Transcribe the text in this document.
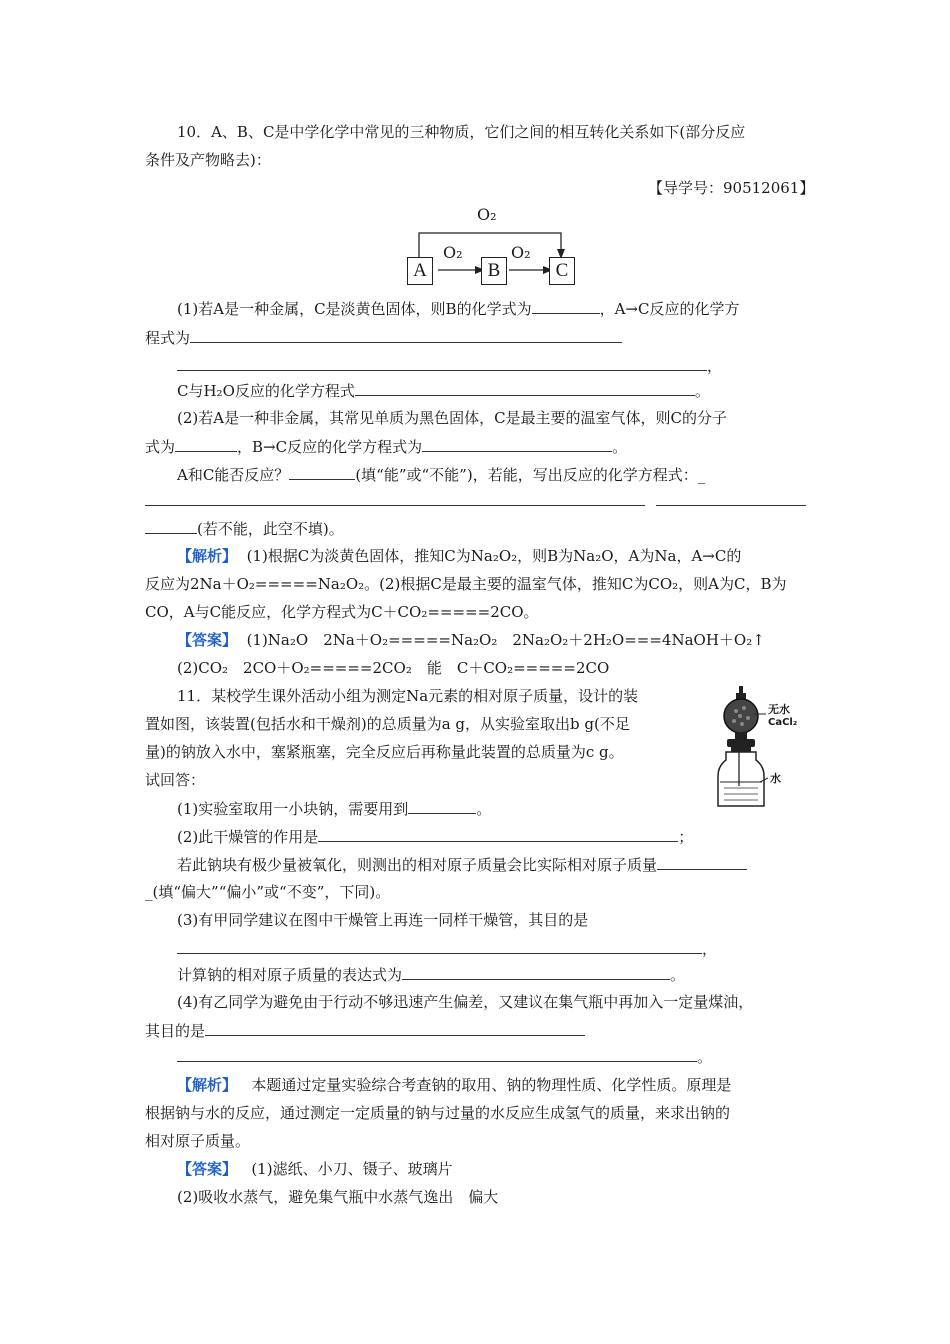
10．A、B、C是中学化学中常见的三种物质，它们之间的相互转化关系如下(部分反应
条件及产物略去)：
【导学号：90512061】
O₂
O₂	O₂
A	B	C
(1)若A是一种金属，C是淡黄色固体，则B的化学式为	，A→C反应的化学方
程式为
，
C与H₂O反应的化学方程式	。
(2)若A是一种非金属，其常见单质为黑色固体，C是最主要的温室气体，则C的分子
式为	，B→C反应的化学方程式为	。
A和C能否反应？	(填“能”或“不能”)，若能，写出反应的化学方程式：_
(若不能，此空不填)。
【解析】 (1)根据C为淡黄色固体，推知C为Na₂O₂，则B为Na₂O，A为Na，A→C的
反应为2Na＋O₂=====Na₂O₂。(2)根据C是最主要的温室气体，推知C为CO₂，则A为C，B为
CO，A与C能反应，化学方程式为C＋CO₂=====2CO。
【答案】 (1)Na₂O　2Na＋O₂=====Na₂O₂　2Na₂O₂＋2H₂O===4NaOH＋O₂↑
(2)CO₂　2CO＋O₂=====2CO₂　能　C＋CO₂=====2CO
11．某校学生课外活动小组为测定Na元素的相对原子质量，设计的装
置如图，该装置(包括水和干燥剂)的总质量为a g，从实验室取出b g(不足
量)的钠放入水中，塞紧瓶塞，完全反应后再称量此装置的总质量为c g。
试回答：
无水
CaCl₂
水
(1)实验室取用一小块钠，需要用到	。
(2)此干燥管的作用是	；
若此钠块有极少量被氧化，则测出的相对原子质量会比实际相对原子质量
_(填“偏大”“偏小”或“不变”，下同)。
(3)有甲同学建议在图中干燥管上再连一同样干燥管，其目的是
，
计算钠的相对原子质量的表达式为	。
(4)有乙同学为避免由于行动不够迅速产生偏差，又建议在集气瓶中再加入一定量煤油，
其目的是
。
【解析】 本题通过定量实验综合考查钠的取用、钠的物理性质、化学性质。原理是
根据钠与水的反应，通过测定一定质量的钠与过量的水反应生成氢气的质量，来求出钠的
相对原子质量。
【答案】 (1)滤纸、小刀、镊子、玻璃片
(2)吸收水蒸气，避免集气瓶中水蒸气逸出　偏大
